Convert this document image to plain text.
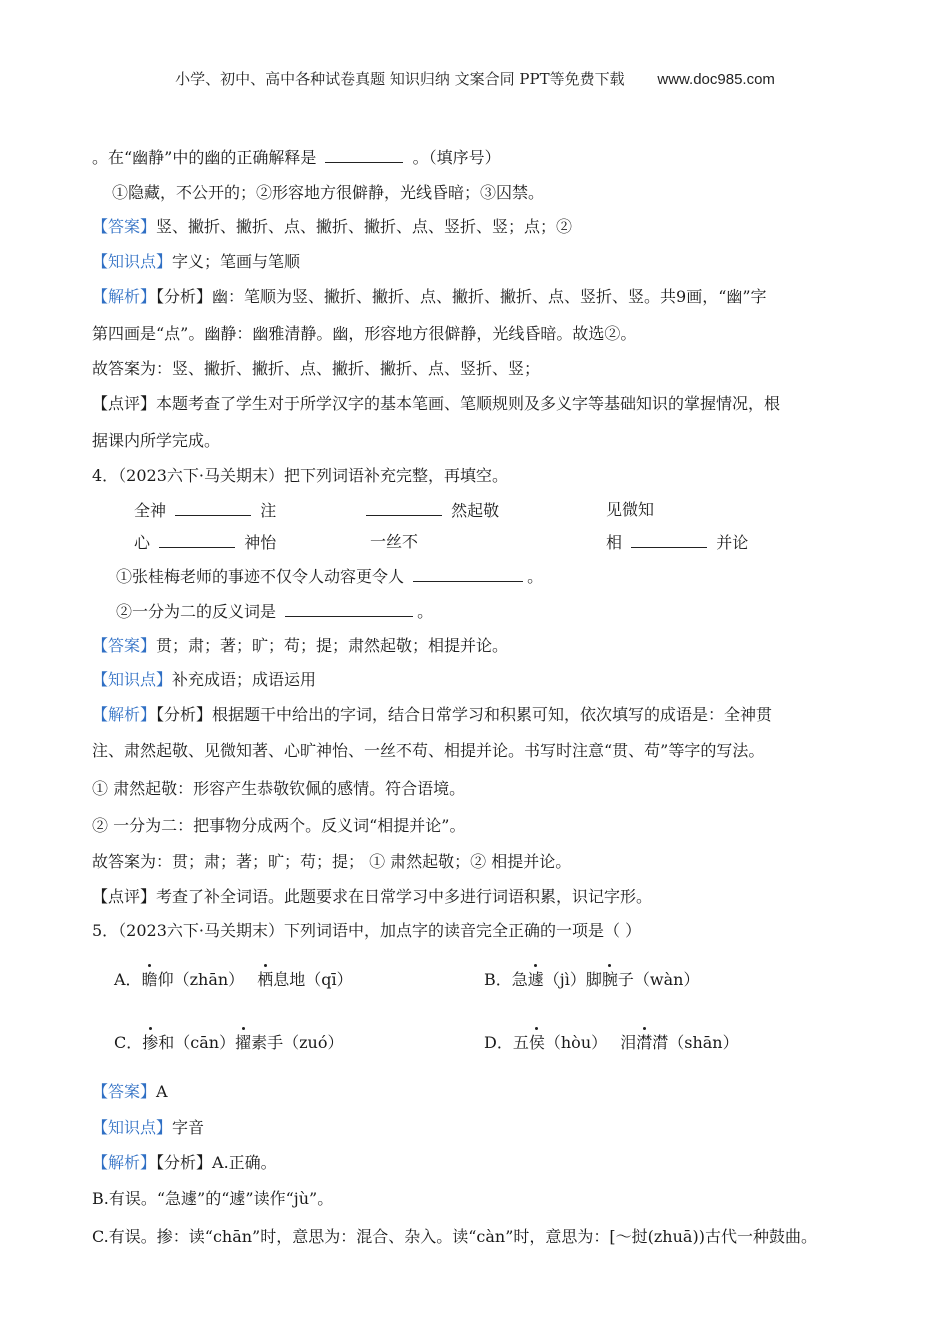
小学、初中、高中各种试卷真题 知识归纳 文案合同 PPT等免费下载 www.doc985.com
。在“幽静”中的幽的正确解释是	。（填序号）
①隐藏，不公开的；②形容地方很僻静，光线昏暗；③囚禁。
【答案】竖、撇折、撇折、点、撇折、撇折、点、竖折、竖；点；②
【知识点】字义；笔画与笔顺
【解析】【分析】幽：笔顺为竖、撇折、撇折、点、撇折、撇折、点、竖折、竖。共9画，“幽”字
第四画是“点”。幽静：幽雅清静。幽，形容地方很僻静，光线昏暗。故选②。
故答案为：竖、撇折、撇折、点、撇折、撇折、点、竖折、竖；
【点评】本题考查了学生对于所学汉字的基本笔画、笔顺规则及多义字等基础知识的掌握情况，根
据课内所学完成。
4．（2023六下·马关期末）把下列词语补充完整，再填空。
全神	注	然起敬	见微知
心	神怡	一丝不	相	并论
①张桂梅老师的事迹不仅令人动容更令人	。
②一分为二的反义词是	。
【答案】贯；肃；著；旷；苟；提；肃然起敬；相提并论。
【知识点】补充成语；成语运用
【解析】【分析】根据题干中给出的字词，结合日常学习和积累可知，依次填写的成语是：全神贯
注、肃然起敬、见微知著、心旷神怡、一丝不苟、相提并论。书写时注意“贯、苟”等字的写法。
① 肃然起敬：形容产生恭敬钦佩的感情。符合语境。
② 一分为二：把事物分成两个。反义词“相提并论”。
故答案为：贯；肃；著；旷；苟；提； ① 肃然起敬；② 相提并论。
【点评】考查了补全词语。此题要求在日常学习中多进行词语积累，识记字形。
5．（2023六下·马关期末）下列词语中，加点字的读音完全正确的一项是（ ）
A．瞻仰（zhān） 栖息地（qī）	B．急遽（jì）脚腕子（wàn）
C．掺和（cān）擢素手（zuó）	D．五侯（hòu） 泪潸潸（shān）
【答案】A
【知识点】字音
【解析】【分析】A.正确。
B.有误。“急遽”的“遽”读作“jù”。
C.有误。掺：读“chān”时，意思为：混合、杂入。读“càn”时，意思为：[～挝(zhuā))古代一种鼓曲。
